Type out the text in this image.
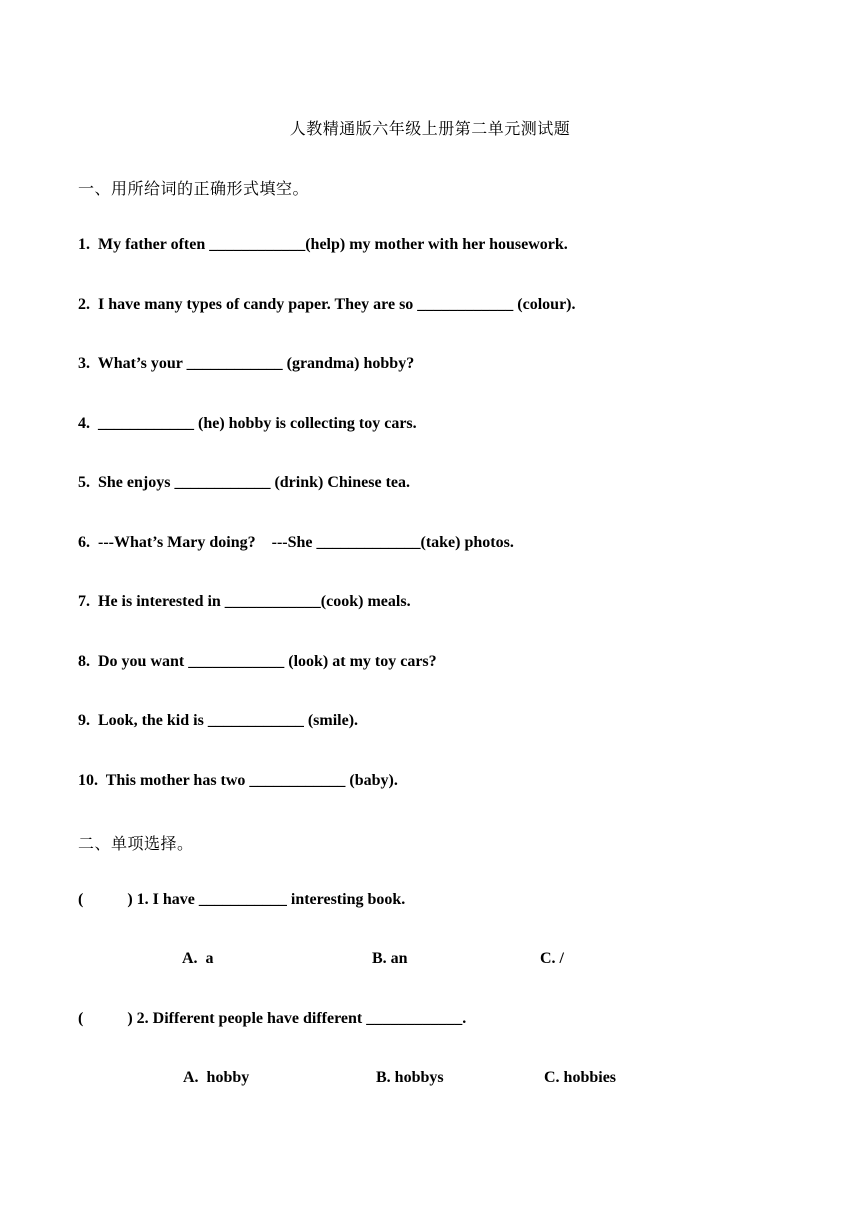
人教精通版六年级上册第二单元测试题
一、用所给词的正确形式填空。
1.  My father often ____________(help) my mother with her housework.
2.  I have many types of candy paper. They are so ____________ (colour).
3.  What’s your ____________ (grandma) hobby?
4.  ____________ (he) hobby is collecting toy cars.
5.  She enjoys ____________ (drink) Chinese tea.
6.  ---What’s Mary doing?    ---She _____________(take) photos.
7.  He is interested in ____________(cook) meals.
8.  Do you want ____________ (look) at my toy cars?
9.  Look, the kid is ____________ (smile).
10.  This mother has two ____________ (baby).
二、单项选择。
(           ) 1. I have ___________ interesting book.
A.  a	B. an	C. /
(           ) 2. Different people have different ____________.
A.  hobby	B. hobbys	C. hobbies
